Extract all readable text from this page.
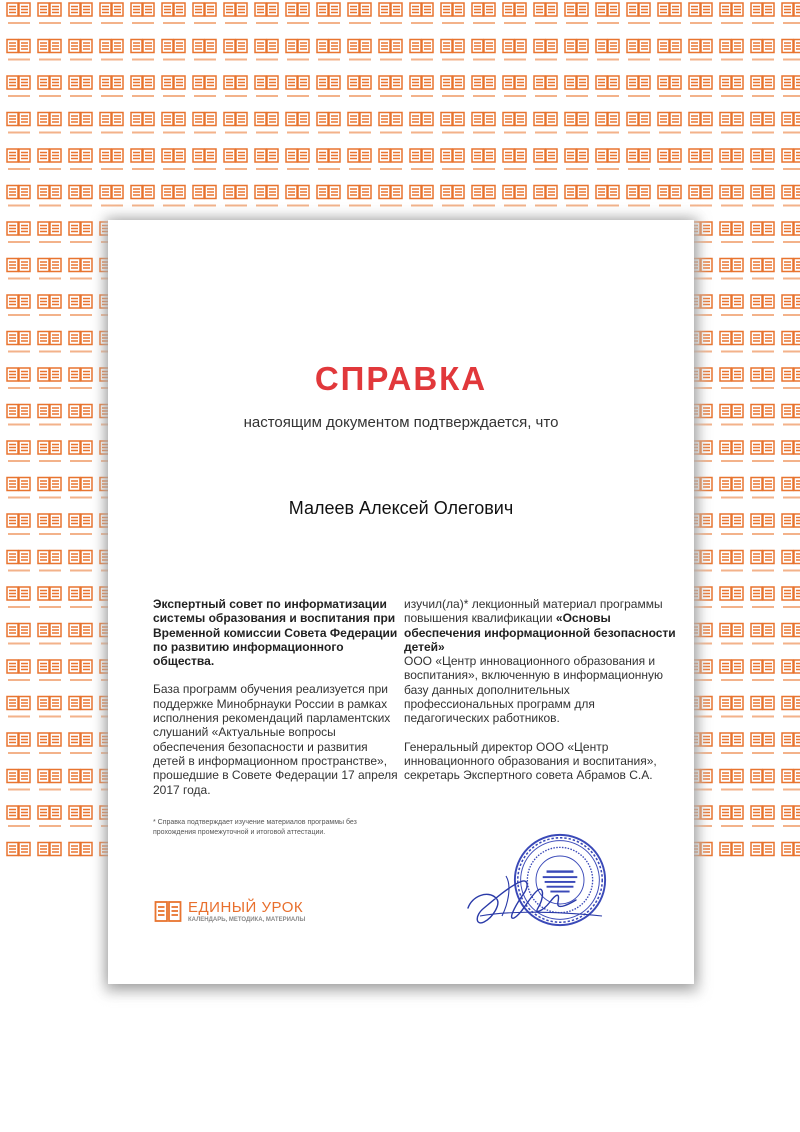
СПРАВКА
настоящим документом подтверждается, что
Малеев Алексей Олегович

Экспертный совет по информатизации системы образования и воспитания при Временной комиссии Совета Федерации по развитию информационного общества.

База программ обучения реализуется при поддержке Минобрнауки России в рамках исполнения рекомендаций парламентских слушаний «Актуальные вопросы обеспечения безопасности и развития детей в информационном пространстве», прошедшие в Совете Федерации 17 апреля 2017 года.

изучил(ла)* лекционный материал программы повышения квалификации «Основы обеспечения информационной безопасности детей»

ООО «Центр инновационного образования и воспитания», включенную в информационную базу данных дополнительных профессиональных программ для педагогических работников.

Генеральный директор ООО «Центр инновационного образования и воспитания», секретарь Экспертного совета Абрамов С.А.

* Справка подтверждает изучение материалов программы без прохождения промежуточной и итоговой аттестации.
ЕДИНЫЙ УРОК
КАЛЕНДАРЬ, МЕТОДИКА, МАТЕРИАЛЫ
